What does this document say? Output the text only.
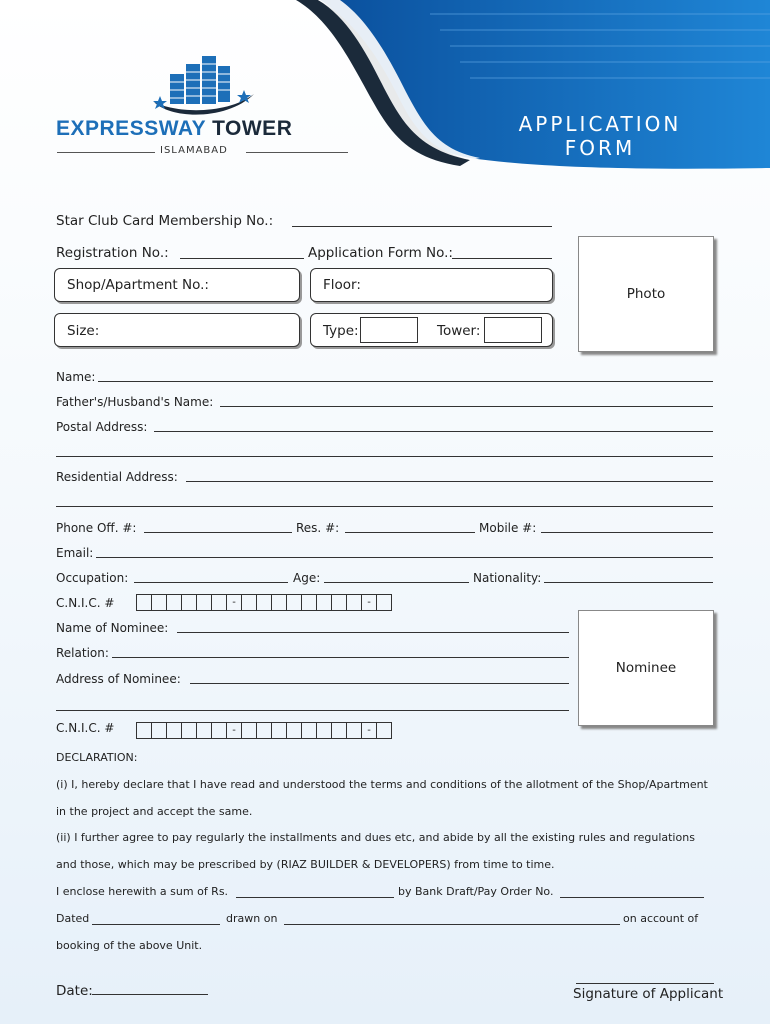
APPLICATION
FORM
EXPRESSWAY TOWER
ISLAMABAD
Star Club Card Membership No.:
Registration No.:	Application Form No.:
Shop/Apartment No.:	Floor:
Size:	Type:	Tower:
Photo
Name:
Father's/Husband's Name:
Postal Address:
Residential Address:
Phone Off. #:	Res. #:	Mobile #:
Email:
Occupation:	Age:	Nationality:
C.N.I.C. #	-	-
Name of Nominee:
Relation:
Address of Nominee:
Nominee
C.N.I.C. #	-	-
DECLARATION:
(i) I, hereby declare that I have read and understood the terms and conditions of the allotment of the Shop/Apartment
in the project and accept the same.
(ii) I further agree to pay regularly the installments and dues etc, and abide by all the existing rules and regulations
and those, which may be prescribed by (RIAZ BUILDER & DEVELOPERS) from time to time.
I enclose herewith a sum of Rs.	by Bank Draft/Pay Order No.
Dated	drawn on	on account of
booking of the above Unit.
Date:	Signature of Applicant
